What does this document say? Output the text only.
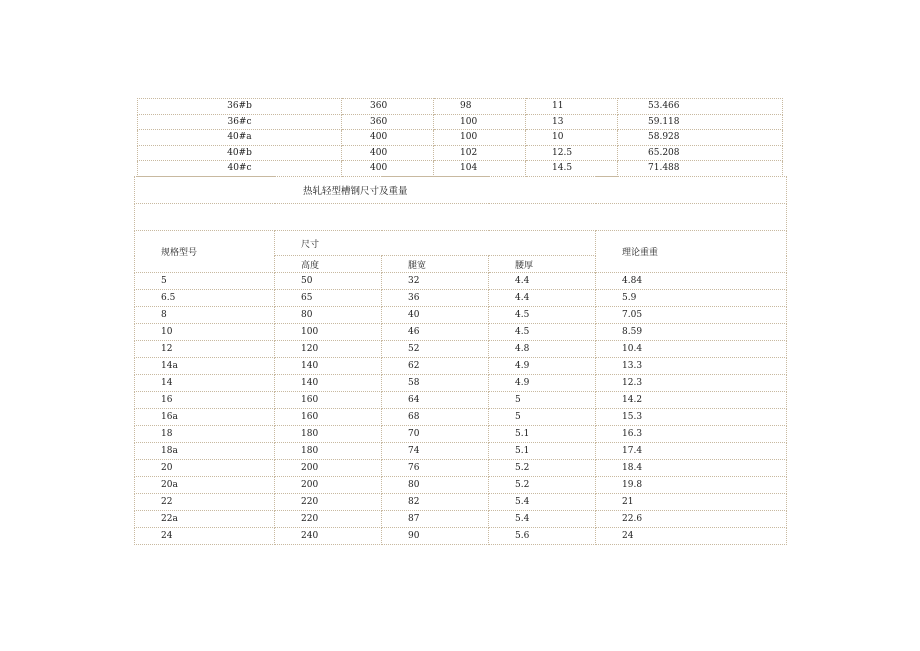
36#b	360	98	11	53.466
36#c	360	100	13	59.118
40#a	400	100	10	58.928
40#b	400	102	12.5	65.208
40#c	400	104	14.5	71.488
热轧轻型槽钢尺寸及重量				

规格型号	尺寸			理论重重
	高度	腿宽	腰厚	
5	50	32	4.4	4.84
6.5	65	36	4.4	5.9
8	80	40	4.5	7.05
10	100	46	4.5	8.59
12	120	52	4.8	10.4
14a	140	62	4.9	13.3
14	140	58	4.9	12.3
16	160	64	5	14.2
16a	160	68	5	15.3
18	180	70	5.1	16.3
18a	180	74	5.1	17.4
20	200	76	5.2	18.4
20a	200	80	5.2	19.8
22	220	82	5.4	21
22a	220	87	5.4	22.6
24	240	90	5.6	24
